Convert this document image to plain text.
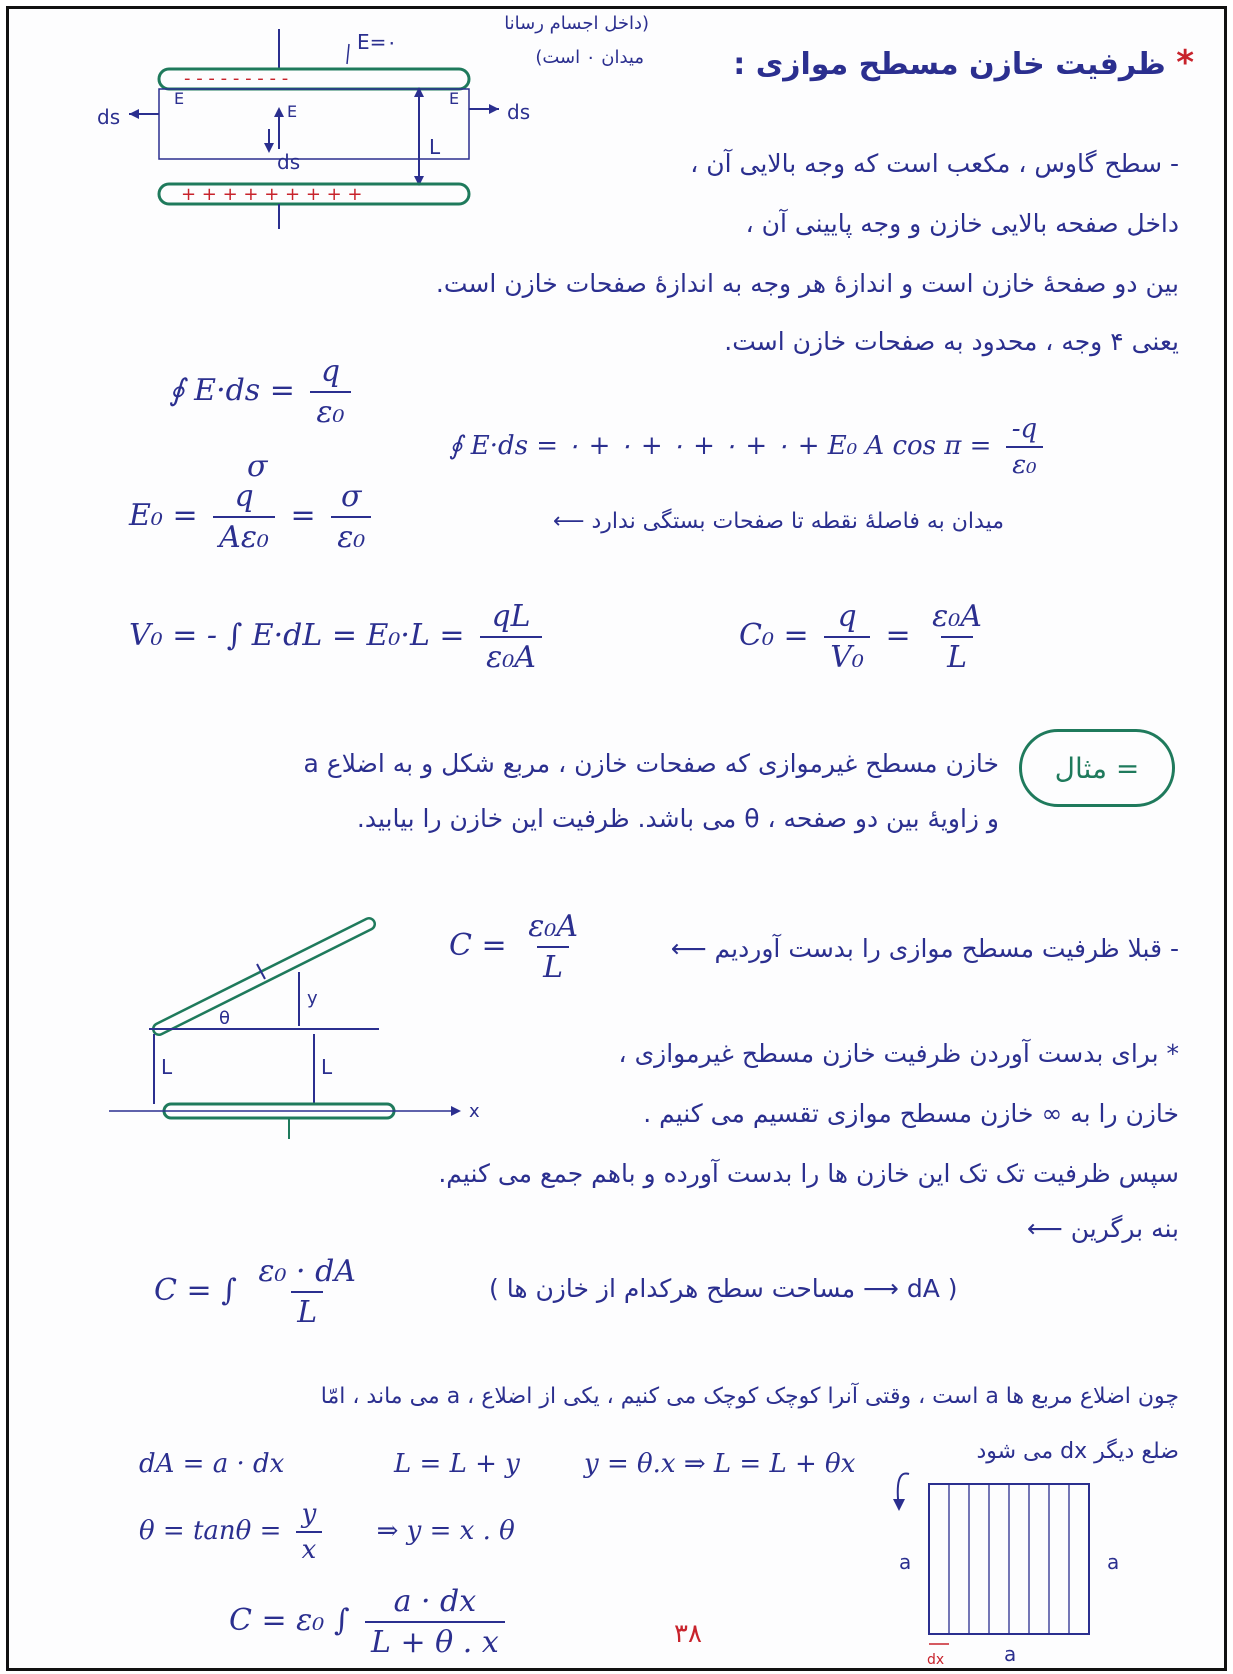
* ظرفیت خازن مسطح موازی :
- - - - - - - - -
ds	ds
E	E
E
ds
L
+ + + + + + + + +
E=۰
(داخل اجسام رسانا
میدان ۰ است)
- سطح گاوس ، مکعب است که وجه بالایی آن ،
داخل صفحه بالایی خازن و وجه پایینی آن ،
بین دو صفحهٔ خازن است و اندازهٔ هر وجه به اندازهٔ صفحات خازن است.
یعنی ۴ وجه ، محدود به صفحات خازن است.
∮ $E\cdot ds = \frac{q}{\text{ε₀}}$
∮ E·ds = ۰ + ۰ + ۰ + ۰ + ۰ + E₀ A $\cos \pi = \frac{-q}{\text{ε₀}}$
σ
$E_0 = \frac{q}{\text{Aε₀}} = \frac{\sigma}{\text{ε₀}}$	میدان به فاصلهٔ نقطه تا صفحات بستگی ندارد ⟵
V₀ = - ∫ $E\cdot dL = E_0\cdot L = \frac{qL}{\text{ε₀A}}$	$C_0 = \frac{q}{\text{V₀}} = \frac{\text{ε₀A}}{L}$
مثال =
خازن مسطح غیرموازی که صفحات خازن ، مربع شکل و به اضلاع a
و زاویهٔ بین دو صفحه ، θ می باشد. ظرفیت این خازن را بیابید.
$C = \frac{\text{ε₀A}}{L}$	- قبلا ظرفیت مسطح موازی را بدست آوردیم ⟵
θ
y
L	L
x
* برای بدست آوردن ظرفیت خازن مسطح غیرموازی ،
خازن را به ∞ خازن مسطح موازی تقسیم می کنیم .
سپس ظرفیت تک تک این خازن ها را بدست آورده و باهم جمع می کنیم.
بنه برگرین ⟵
C = ∫ $\frac{\text{ε₀ · dA}}{L}$	( dA ⟶ مساحت سطح هرکدام از خازن ها )
چون اضلاع مربع ها a است ، وقتی آنرا کوچک کوچک می کنیم ، یکی از اضلاع ، a می ماند ، امّا
ضلع دیگر dx می شود
dA = a · dx	L = L + y y = θ.x ⇒ L = L + θx
$\theta = \tan\theta = \frac{y}{x}$ ⇒ y = x . θ
C = ε₀ ∫ $\frac{a \cdot dx}{L + \theta . x}$
a	a
a
dx
۳۸
